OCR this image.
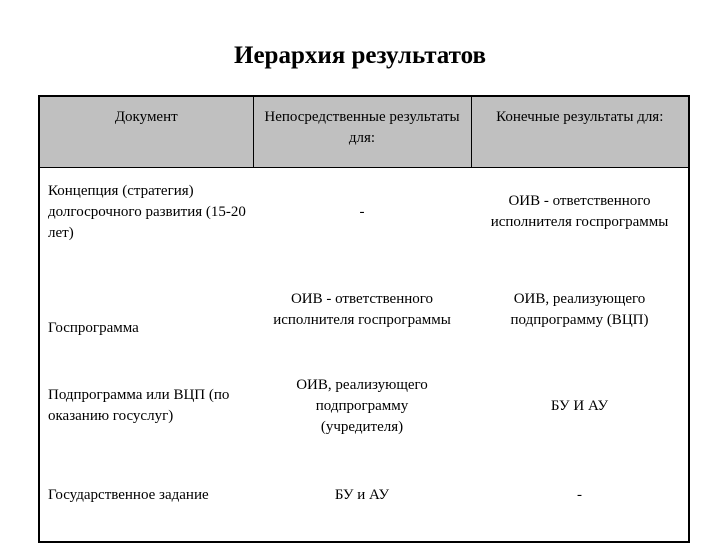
Иерархия результатов
Документ	Непосредственные результаты для:	Конечные результаты для:

Концепция (стратегия) долгосрочного развития (15-20 лет)	-	ОИВ - ответственного исполнителя госпрограммы

Госпрограмма	ОИВ - ответственного исполнителя госпрограммы	ОИВ, реализующего подпрограмму (ВЦП)

Подпрограмма или ВЦП (по оказанию госуслуг)	ОИВ, реализующего подпрограмму (учредителя)	БУ И АУ
Государственное задание	БУ и АУ	-
